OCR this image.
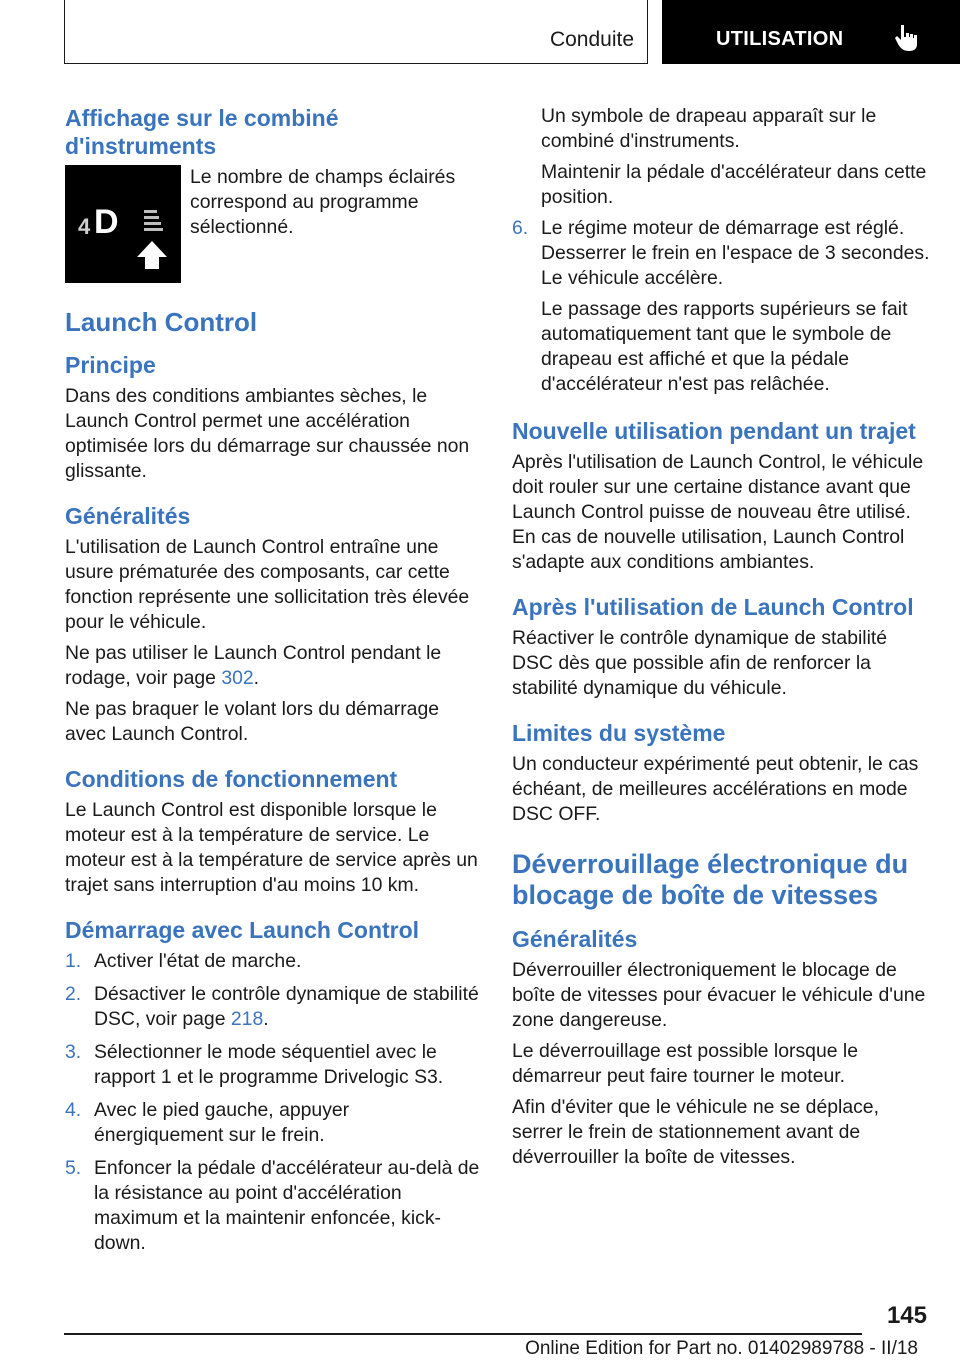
Conduite	UTILISATION
Affichage sur le combiné d'instruments
4 D

Le nombre de champs éclairés correspond au programme sélectionné.

Launch Control
Principe

Dans des conditions ambiantes sèches, le Launch Control permet une accélération optimisée lors du démarrage sur chaussée non glissante.

Généralités

L'utilisation de Launch Control entraîne une usure prématurée des composants, car cette fonction représente une sollicitation très élevée pour le véhicule.

Ne pas utiliser le Launch Control pendant le rodage, voir page 302.

Ne pas braquer le volant lors du démarrage avec Launch Control.

Conditions de fonctionnement

Le Launch Control est disponible lorsque le moteur est à la température de service. Le moteur est à la température de service après un trajet sans interruption d'au moins 10 km.

Démarrage avec Launch Control
1. Activer l'état de marche.
2. Désactiver le contrôle dynamique de stabilité DSC, voir page 218.
3. Sélectionner le mode séquentiel avec le rapport 1 et le programme Drivelogic S3.
4. Avec le pied gauche, appuyer énergiquement sur le frein.
5. Enfoncer la pédale d'accélérateur au-delà de la résistance au point d'accélération maximum et la maintenir enfoncée, kick-down.

Un symbole de drapeau apparaît sur le combiné d'instruments.

Maintenir la pédale d'accélérateur dans cette position.

6. Le régime moteur de démarrage est réglé. Desserrer le frein en l'espace de 3 secondes. Le véhicule accélère.
Le passage des rapports supérieurs se fait automatiquement tant que le symbole de drapeau est affiché et que la pédale d'accélérateur n'est pas relâchée.
Nouvelle utilisation pendant un trajet

Après l'utilisation de Launch Control, le véhicule doit rouler sur une certaine distance avant que Launch Control puisse de nouveau être utilisé. En cas de nouvelle utilisation, Launch Control s'adapte aux conditions ambiantes.

Après l'utilisation de Launch Control

Réactiver le contrôle dynamique de stabilité DSC dès que possible afin de renforcer la stabilité dynamique du véhicule.

Limites du système

Un conducteur expérimenté peut obtenir, le cas échéant, de meilleures accélérations en mode DSC OFF.

Déverrouillage électronique du blocage de boîte de vitesses
Généralités

Déverrouiller électroniquement le blocage de boîte de vitesses pour évacuer le véhicule d'une zone dangereuse.

Le déverrouillage est possible lorsque le démarreur peut faire tourner le moteur.

Afin d'éviter que le véhicule ne se déplace, serrer le frein de stationnement avant de déverrouiller la boîte de vitesses.

145
Online Edition for Part no. 01402989788 - II/18
